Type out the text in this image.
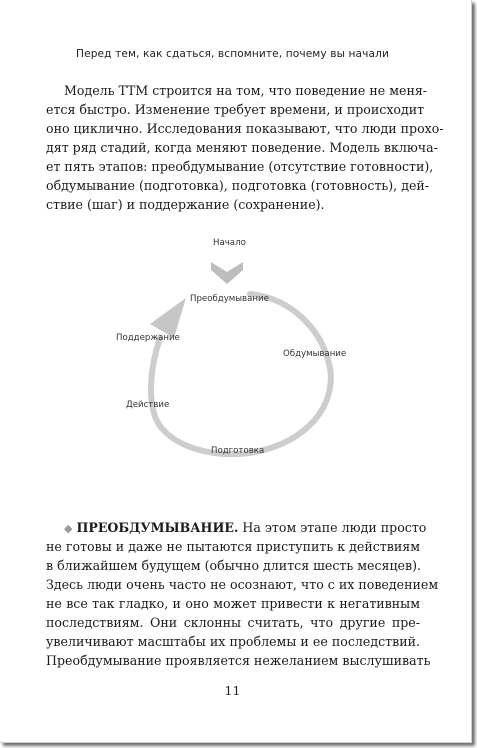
Перед тем, как сдаться, вспомните, почему вы начали
Модель ТТМ строится на том, что поведение не меня-
ется быстро. Изменение требует времени, и происходит
оно циклично. Исследования показывают, что люди прохо-
дят ряд стадий, когда меняют поведение. Модель включа-
ет пять этапов: преобдумывание (отсутствие готовности),
обдумывание (подготовка), подготовка (готовность), дей-
ствие (шаг) и поддержание (сохранение).
Начало
Преобдумывание
Поддержание
Обдумывание
Действие
Подготовка
◆ ПРЕОБДУМЫВАНИЕ. На этом этапе люди просто
не готовы и даже не пытаются приступить к действиям
в ближайшем будущем (обычно длится шесть месяцев).
Здесь люди очень часто не осознают, что с их поведением
не все так гладко, и оно может привести к негативным
последствиям. Они склонны считать, что другие пре-
увеличивают масштабы их проблемы и ее последствий.
Преобдумывание проявляется нежеланием выслушивать
11
